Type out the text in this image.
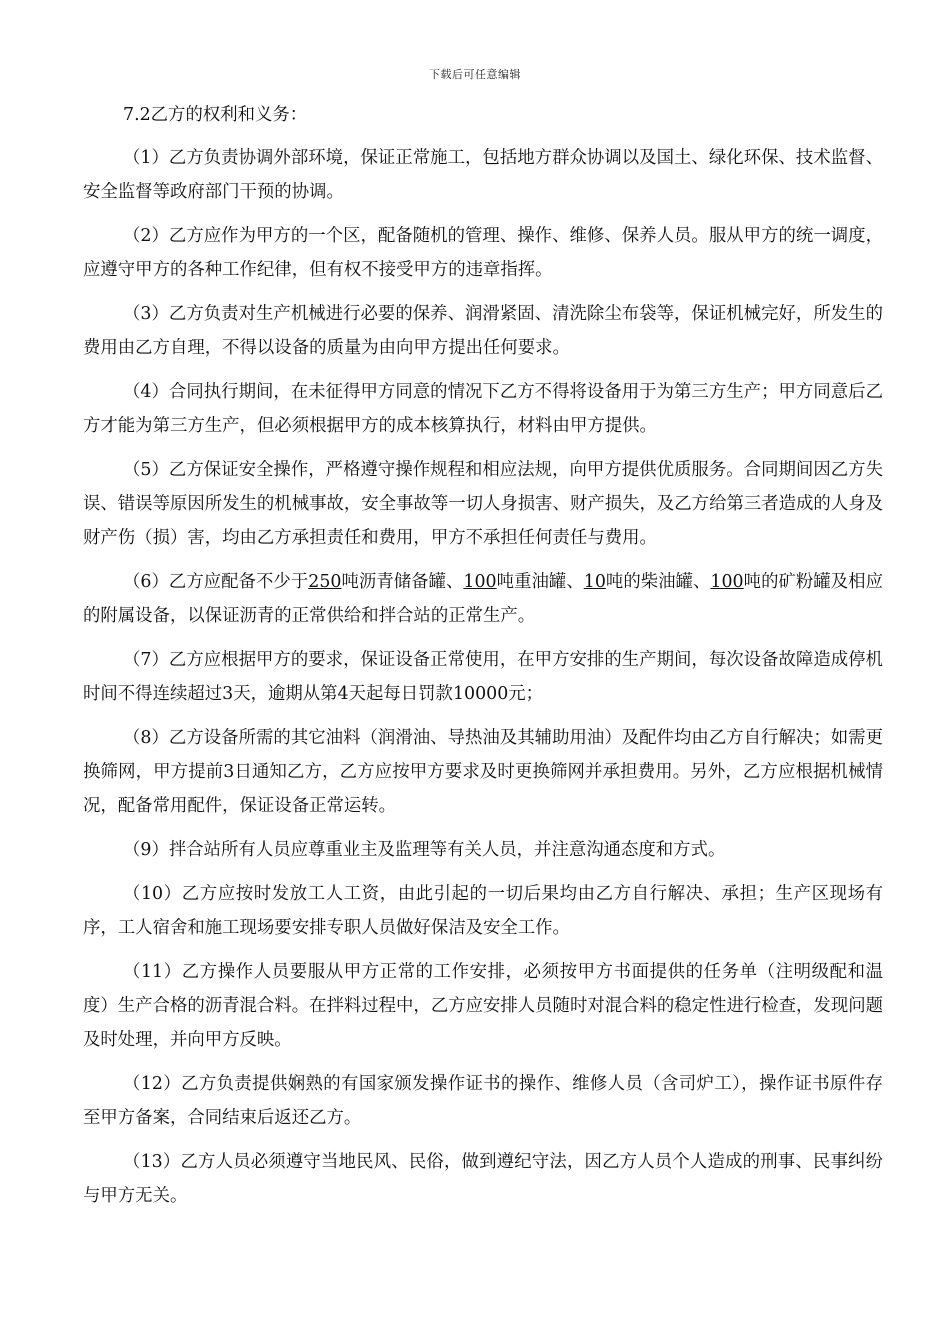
下载后可任意编辑

7.2乙方的权利和义务：

（1）乙方负责协调外部环境，保证正常施工，包括地方群众协调以及国土、绿化环保、技术监督、安全监督等政府部门干预的协调。

（2）乙方应作为甲方的一个区，配备随机的管理、操作、维修、保养人员。服从甲方的统一调度，应遵守甲方的各种工作纪律，但有权不接受甲方的违章指挥。

（3）乙方负责对生产机械进行必要的保养、润滑紧固、清洗除尘布袋等，保证机械完好，所发生的费用由乙方自理，不得以设备的质量为由向甲方提出任何要求。

（4）合同执行期间，在未征得甲方同意的情况下乙方不得将设备用于为第三方生产；甲方同意后乙方才能为第三方生产，但必须根据甲方的成本核算执行，材料由甲方提供。

（5）乙方保证安全操作，严格遵守操作规程和相应法规，向甲方提供优质服务。合同期间因乙方失误、错误等原因所发生的机械事故，安全事故等一切人身损害、财产损失，及乙方给第三者造成的人身及财产伤（损）害，均由乙方承担责任和费用，甲方不承担任何责任与费用。

（6）乙方应配备不少于250吨沥青储备罐、100吨重油罐、10吨的柴油罐、100吨的矿粉罐及相应的附属设备，以保证沥青的正常供给和拌合站的正常生产。

（7）乙方应根据甲方的要求，保证设备正常使用，在甲方安排的生产期间，每次设备故障造成停机时间不得连续超过3天，逾期从第4天起每日罚款10000元；

（8）乙方设备所需的其它油料（润滑油、导热油及其辅助用油）及配件均由乙方自行解决；如需更换筛网，甲方提前3日通知乙方，乙方应按甲方要求及时更换筛网并承担费用。另外，乙方应根据机械情况，配备常用配件，保证设备正常运转。

（9）拌合站所有人员应尊重业主及监理等有关人员，并注意沟通态度和方式。

（10）乙方应按时发放工人工资，由此引起的一切后果均由乙方自行解决、承担；生产区现场有序，工人宿舍和施工现场要安排专职人员做好保洁及安全工作。

（11）乙方操作人员要服从甲方正常的工作安排，必须按甲方书面提供的任务单（注明级配和温度）生产合格的沥青混合料。在拌料过程中，乙方应安排人员随时对混合料的稳定性进行检查，发现问题及时处理，并向甲方反映。

（12）乙方负责提供娴熟的有国家颁发操作证书的操作、维修人员（含司炉工），操作证书原件存至甲方备案，合同结束后返还乙方。

（13）乙方人员必须遵守当地民风、民俗，做到遵纪守法，因乙方人员个人造成的刑事、民事纠纷与甲方无关。
